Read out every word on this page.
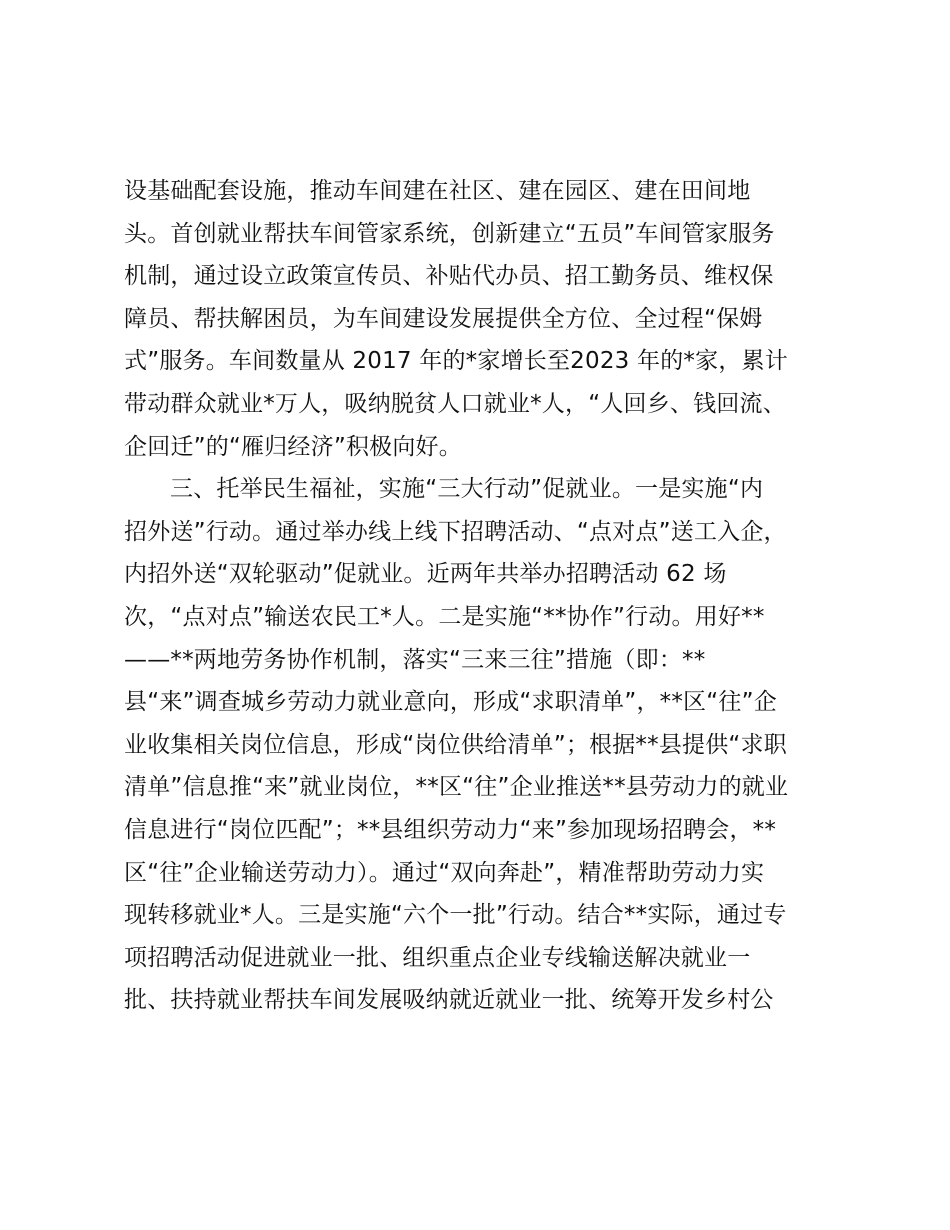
设基础配套设施，推动车间建在社区、建在园区、建在田间地
头。首创就业帮扶车间管家系统，创新建立“五员”车间管家服务
机制，通过设立政策宣传员、补贴代办员、招工勤务员、维权保
障员、帮扶解困员，为车间建设发展提供全方位、全过程“保姆
式”服务。车间数量从 2017 年的*家增长至2023 年的*家，累计
带动群众就业*万人，吸纳脱贫人口就业*人，“人回乡、钱回流、
企回迁”的“雁归经济”积极向好。
三、托举民生福祉，实施“三大行动”促就业。一是实施“内
招外送”行动。通过举办线上线下招聘活动、“点对点”送工入企，
内招外送“双轮驱动”促就业。近两年共举办招聘活动 62 场
次，“点对点”输送农民工*人。二是实施“**协作”行动。用好**
——**两地劳务协作机制，落实“三来三往”措施（即：**
县“来”调查城乡劳动力就业意向，形成“求职清单”，**区“往”企
业收集相关岗位信息，形成“岗位供给清单”；根据**县提供“求职
清单”信息推“来”就业岗位，**区“往”企业推送**县劳动力的就业
信息进行“岗位匹配”；**县组织劳动力“来”参加现场招聘会，**
区“往”企业输送劳动力）。通过“双向奔赴”，精准帮助劳动力实
现转移就业*人。三是实施“六个一批”行动。结合**实际，通过专
项招聘活动促进就业一批、组织重点企业专线输送解决就业一
批、扶持就业帮扶车间发展吸纳就近就业一批、统筹开发乡村公
